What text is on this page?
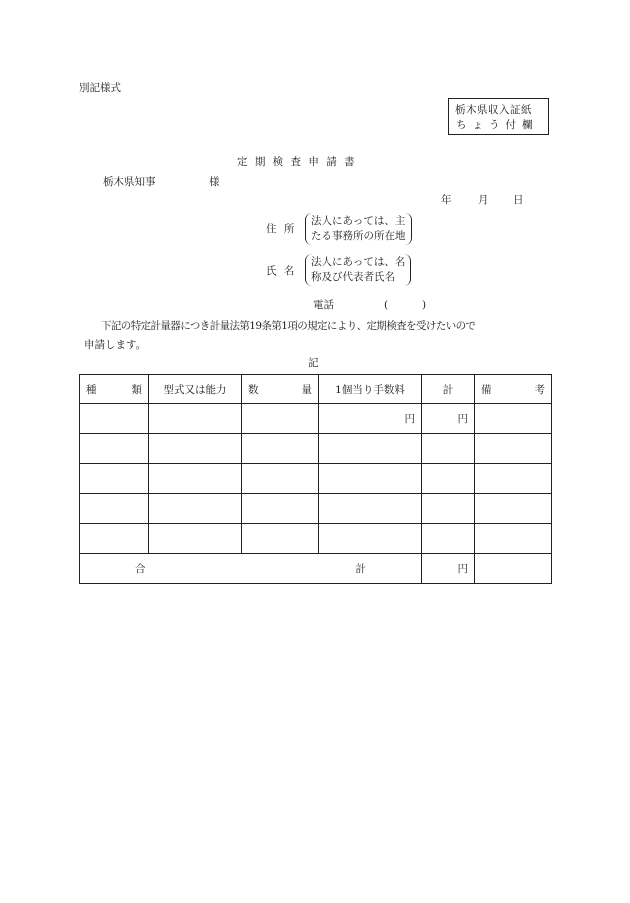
別記様式
栃木県収入証紙
ちょう付欄
定 期 検 査 申 請 書
栃木県知事	様
年	月 日
住 所
法人にあっては、主
たる事務所の所在地
氏 名
法人にあっては、名
称及び代表者氏名
電話	(	)
下記の特定計量器につき計量法第19条第1項の規定により、定期検査を受けたいので
申請します。
記
種 類	型式又は能力	数 量	1個当り手数料	計	備 考

			円	円	

合 計				円	
